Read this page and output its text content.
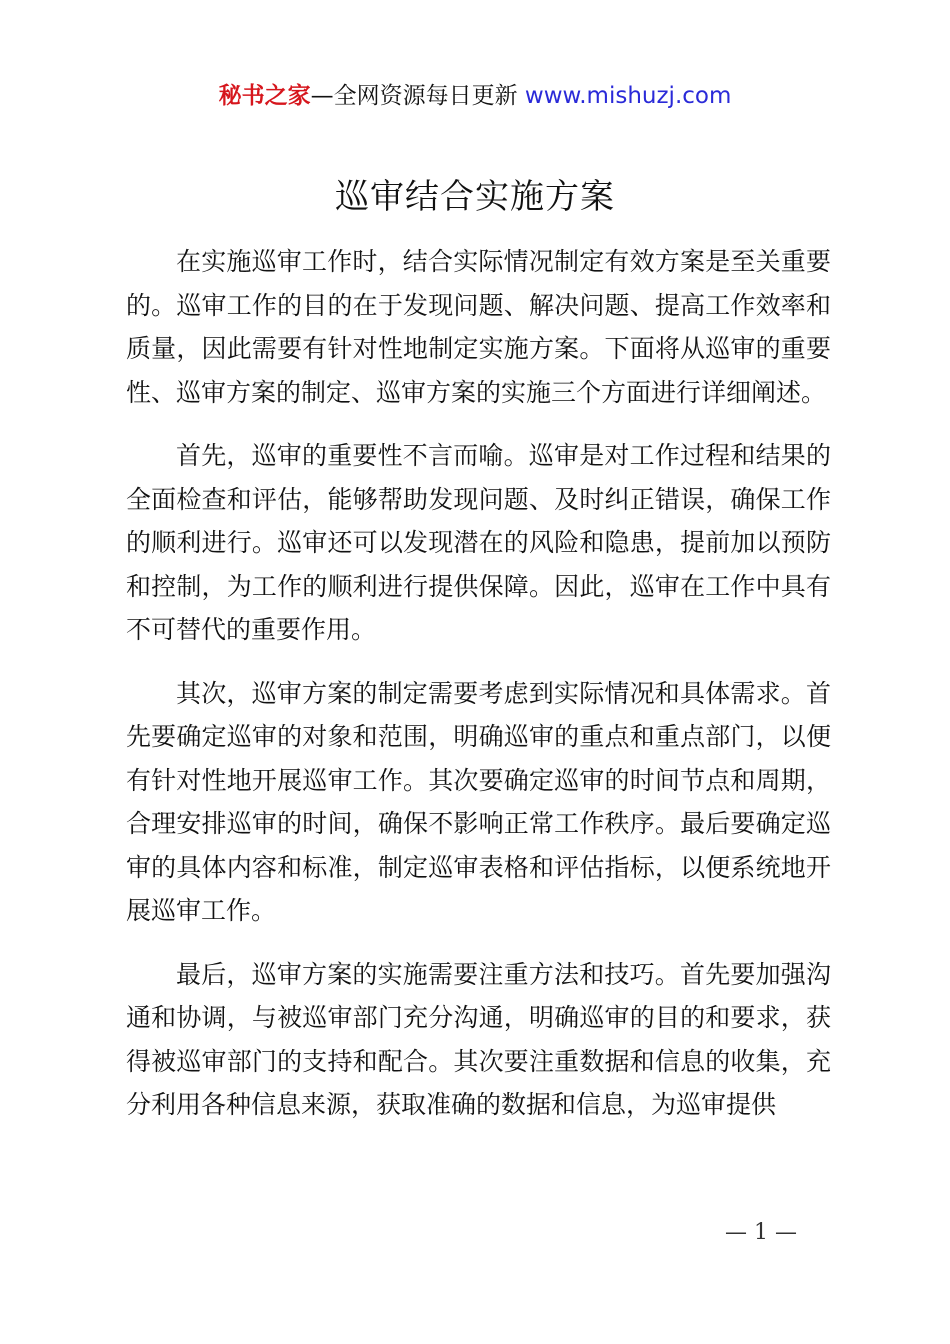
秘书之家—全网资源每日更新 www.mishuzj.com
巡审结合实施方案

在实施巡审工作时，结合实际情况制定有效方案是至关重要的。巡审工作的目的在于发现问题、解决问题、提高工作效率和质量，因此需要有针对性地制定实施方案。下面将从巡审的重要性、巡审方案的制定、巡审方案的实施三个方面进行详细阐述。

首先，巡审的重要性不言而喻。巡审是对工作过程和结果的全面检查和评估，能够帮助发现问题、及时纠正错误，确保工作的顺利进行。巡审还可以发现潜在的风险和隐患，提前加以预防和控制，为工作的顺利进行提供保障。因此，巡审在工作中具有不可替代的重要作用。

其次，巡审方案的制定需要考虑到实际情况和具体需求。首先要确定巡审的对象和范围，明确巡审的重点和重点部门，以便有针对性地开展巡审工作。其次要确定巡审的时间节点和周期，合理安排巡审的时间，确保不影响正常工作秩序。最后要确定巡审的具体内容和标准，制定巡审表格和评估指标，以便系统地开展巡审工作。

最后，巡审方案的实施需要注重方法和技巧。首先要加强沟通和协调，与被巡审部门充分沟通，明确巡审的目的和要求，获得被巡审部门的支持和配合。其次要注重数据和信息的收集，充分利用各种信息来源，获取准确的数据和信息，为巡审提供

— 1 —
